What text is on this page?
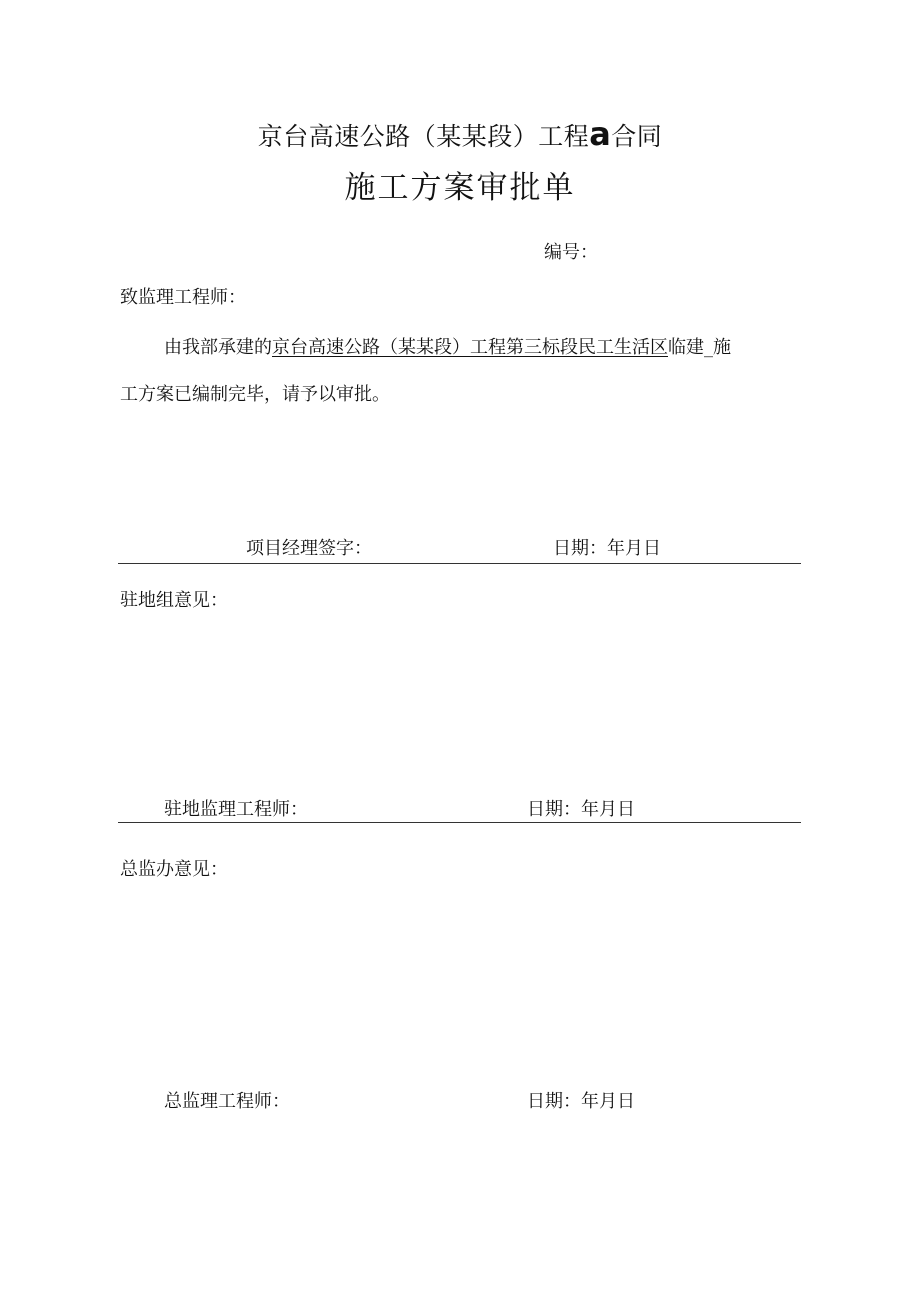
京台高速公路（某某段）工程a合同
施工方案审批单
编号：
致监理工程师：
由我部承建的京台高速公路（某某段）工程第三标段民工生活区临建_施
工方案已编制完毕，请予以审批。
项目经理签字：	日期：年月日
驻地组意见：
驻地监理工程师：	日期：年月日
总监办意见：
总监理工程师：	日期：年月日
